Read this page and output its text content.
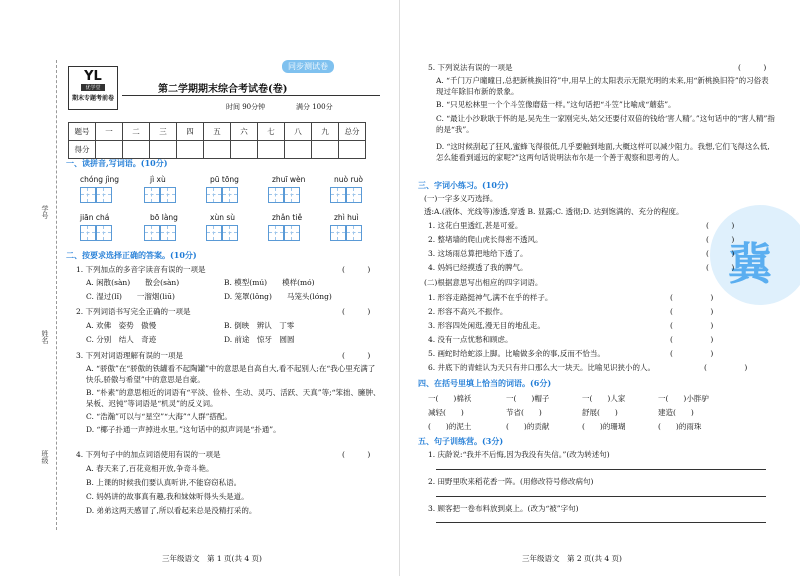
学号
姓名
班级
YL
优学堂
期末专题考前卷
同步测试卷
第二学期期末综合考试卷(卷)
时间 90分钟	满分 100分
题号	一	二	三	四	五	六	七	八	九	总分
得分										
一、读拼音,写词语。(10分)
chóng jìng	jì xù	pū tōng	zhuī wèn	nuò ruò
jiān chá	bō làng	xùn sù	zhǎn tiě	zhì huì
二、按要求选择正确的答案。(10分)
1. 下列加点的多音字读音有误的一项是	(　　　)
A. 闲散(sàn)　　散会(sàn)	B. 模型(mú)　　模样(mó)
C. 湿过(lǐ)　　一溜烟(liū)	D. 笼罩(lǒng)　　马笼头(lóng)
2. 下列词语书写完全正确的一项是	(　　　)
A. 欢佛　姿势　傲慢	B. 倒映　辨认　丁零
C. 分别　结人　奇迹	D. 前途　惊牙　圆圆
3. 下列对词语理解有误的一项是	(　　　)
A. “骄傲”在“骄傲的铁罐看不起陶罐”中的意思是自高自大,看不起别人;在“我心里充满了快乐,骄傲与希望”中的意思是自豪。
B. “朴素”的意思相近的词语有“平淡、俭朴、生动、灵巧、活跃、天真”等;“笨拙、臃肿、呆板、迟钝”等词语是“机灵”的反义词。
C. “浩瀚”可以与“星空”“大海”“人群”搭配。
D. “椰子扑通一声掉进水里。”这句话中的拟声词是“扑通”。
4. 下列句子中的加点词语使用有误的一项是	(　　　)
A. 春天来了,百花竞相开放,争奇斗艳。
B. 上课的时候我们要认真听讲,不能窃窃私语。
C. 妈妈讲的故事真有趣,我和妹妹听得头头是道。
D. 弟弟这两天感冒了,所以看起来总是没精打采的。
三年级语文　第 1 页(共 4 页)
冀
5. 下列说法有误的一项是	(　　　)
A. “千门万户曈曈日,总把新桃换旧符”中,用早上的太阳表示无限光明的未来,用“新桃换旧符”的习俗表现过年除旧布新的景象。
B. “只见松林里一个个斗笠像磨菇一样。”这句话把“斗笠”比喻成“蘑菇”。
C. “最让小沙耿耿于怀的是,吴先生一家刚完头,姑父还要付双倍的钱给‘害人精’。”这句话中的“害人精”指的是“我”。
D. “这时候刮起了狂风,蜜蜂飞得很低,几乎要触到地面,大概这样可以减少阻力。我想,它们飞得这么低,怎么能看到遥远的家呢?”这两句话说明法布尔是一个善于观察和思考的人。
三、字词小练习。(10分)
(一)一字多义巧选择。
透:A.(液体、光线等)渗透,穿透 B. 显露;C. 透彻;D. 达到饱满的、充分的程度。
1. 这花白里透红,甚是可爱。	(　　　)
2. 整堵墙的爬山虎长得密不透风。	(　　　)
3. 这场雨总算把地给下透了。	(　　　)
4. 妈妈已经摸透了我的脾气。	(　　　)
(二)根据意思写出相应的四字词语。
1. 形容走路挺神气,满不在乎的样子。	(　　　　　)
2. 形容不高兴,不振作。	(　　　　　)
3. 形容四处闲逛,漫无目的地乱走。	(　　　　　)
4. 没有一点忧愁和顾虑。	(　　　　　)
5. 画蛇时给蛇添上脚。比喻做多余的事,反而不恰当。	(　　　　　)
6. 井底下的青蛙认为天只有井口那么大一块天。比喻见识狭小的人。	(　　　　　)
四、在括号里填上恰当的词语。(6分)
一(　　)棉袄	一(　　)帽子	一(　　)人家	一(　　)小胖驴
减轻(　　)	节省(　　)	舒展(　　)	建造(　　)
(　　)的泥土	(　　)的贡献	(　　)的珊瑚	(　　)的雨珠
五、句子训练营。(3分)
1. 庆龄说:“我并不后悔,因为我没有失信。”(改为转述句)
2. 田野里吹来稻花香一阵。(用修改符号修改病句)
3. 顾客把一卷布料放到桌上。(改为“被”字句)
三年级语文　第 2 页(共 4 页)
